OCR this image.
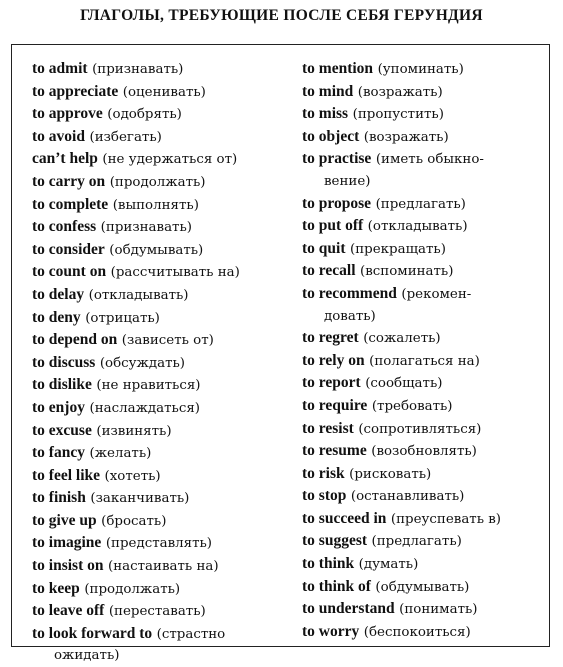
ГЛАГОЛЫ, ТРЕБУЮЩИЕ ПОСЛЕ СЕБЯ ГЕРУНДИЯ
to admit (признавать)
to appreciate (оценивать)
to approve (одобрять)
to avoid (избегать)
can’t help (не удержаться от)
to carry on (продолжать)
to complete (выполнять)
to confess (признавать)
to consider (обдумывать)
to count on (рассчитывать на)
to delay (откладывать)
to deny (отрицать)
to depend on (зависеть от)
to discuss (обсуждать)
to dislike (не нравиться)
to enjoy (наслаждаться)
to excuse (извинять)
to fancy (желать)
to feel like (хотеть)
to finish (заканчивать)
to give up (бросать)
to imagine (представлять)
to insist on (настаивать на)
to keep (продолжать)
to leave off (переставать)
to look forward to (страстно
ожидать)
to mention (упоминать)
to mind (возражать)
to miss (пропустить)
to object (возражать)
to practise (иметь обыкно-
вение)
to propose (предлагать)
to put off (откладывать)
to quit (прекращать)
to recall (вспоминать)
to recommend (рекомен-
довать)
to regret (сожалеть)
to rely on (полагаться на)
to report (сообщать)
to require (требовать)
to resist (сопротивляться)
to resume (возобновлять)
to risk (рисковать)
to stop (останавливать)
to succeed in (преуспевать в)
to suggest (предлагать)
to think (думать)
to think of (обдумывать)
to understand (понимать)
to worry (беспокоиться)
